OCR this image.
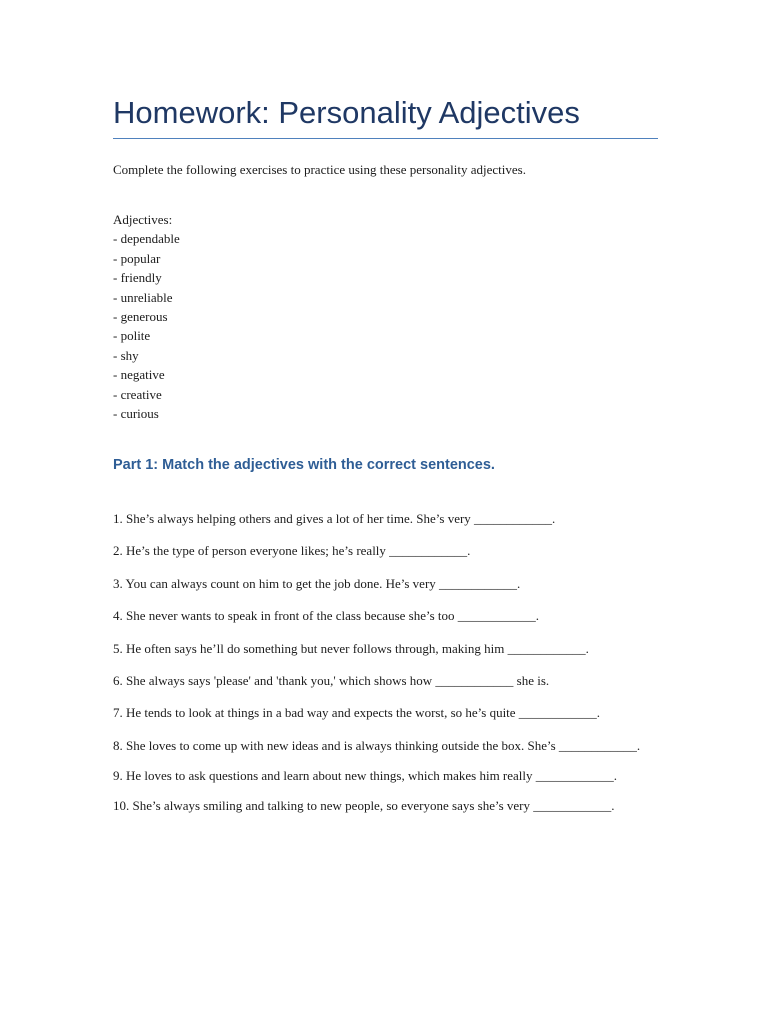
Homework: Personality Adjectives

Complete the following exercises to practice using these personality adjectives.

Adjectives:

- dependable
- popular
- friendly
- unreliable
- generous
- polite
- shy
- negative
- creative
- curious
Part 1: Match the adjectives with the correct sentences.
1. She’s always helping others and gives a lot of her time. She’s very ____________.
2. He’s the type of person everyone likes; he’s really ____________.
3. You can always count on him to get the job done. He’s very ____________.
4. She never wants to speak in front of the class because she’s too ____________.
5. He often says he’ll do something but never follows through, making him ____________.
6. She always says 'please' and 'thank you,' which shows how ____________ she is.
7. He tends to look at things in a bad way and expects the worst, so he’s quite ____________.
8. She loves to come up with new ideas and is always thinking outside the box. She’s ____________.
9. He loves to ask questions and learn about new things, which makes him really ____________.
10. She’s always smiling and talking to new people, so everyone says she’s very ____________.
